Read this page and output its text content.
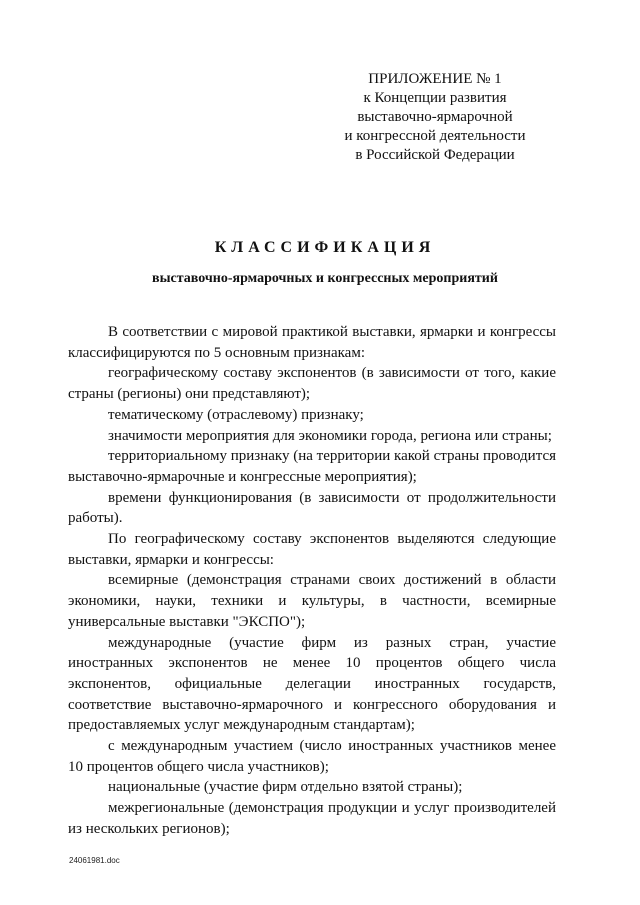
ПРИЛОЖЕНИЕ № 1
к Концепции развития
выставочно-ярмарочной
и конгрессной деятельности
в Российской Федерации
КЛАССИФИКАЦИЯ
выставочно-ярмарочных и конгрессных мероприятий

В соответствии с мировой практикой выставки, ярмарки и конгрессы классифицируются по 5 основным признакам:

географическому составу экспонентов (в зависимости от того, какие страны (регионы) они представляют);

тематическому (отраслевому) признаку;

значимости мероприятия для экономики города, региона или страны;

территориальному признаку (на территории какой страны проводится выставочно-ярмарочные и конгрессные мероприятия);

времени функционирования (в зависимости от продолжительности работы).

По географическому составу экспонентов выделяются следующие выставки, ярмарки и конгрессы:

всемирные (демонстрация странами своих достижений в области экономики, науки, техники и культуры, в частности, всемирные универсальные выставки "ЭКСПО");

международные (участие фирм из разных стран, участие иностранных экспонентов не менее 10 процентов общего числа экспонентов, официальные делегации иностранных государств, соответствие выставочно-ярмарочного и конгрессного оборудования и предоставляемых услуг международным стандартам);

с международным участием (число иностранных участников менее 10 процентов общего числа участников);

национальные (участие фирм отдельно взятой страны);

межрегиональные (демонстрация продукции и услуг производителей из нескольких регионов);

24061981.doc
